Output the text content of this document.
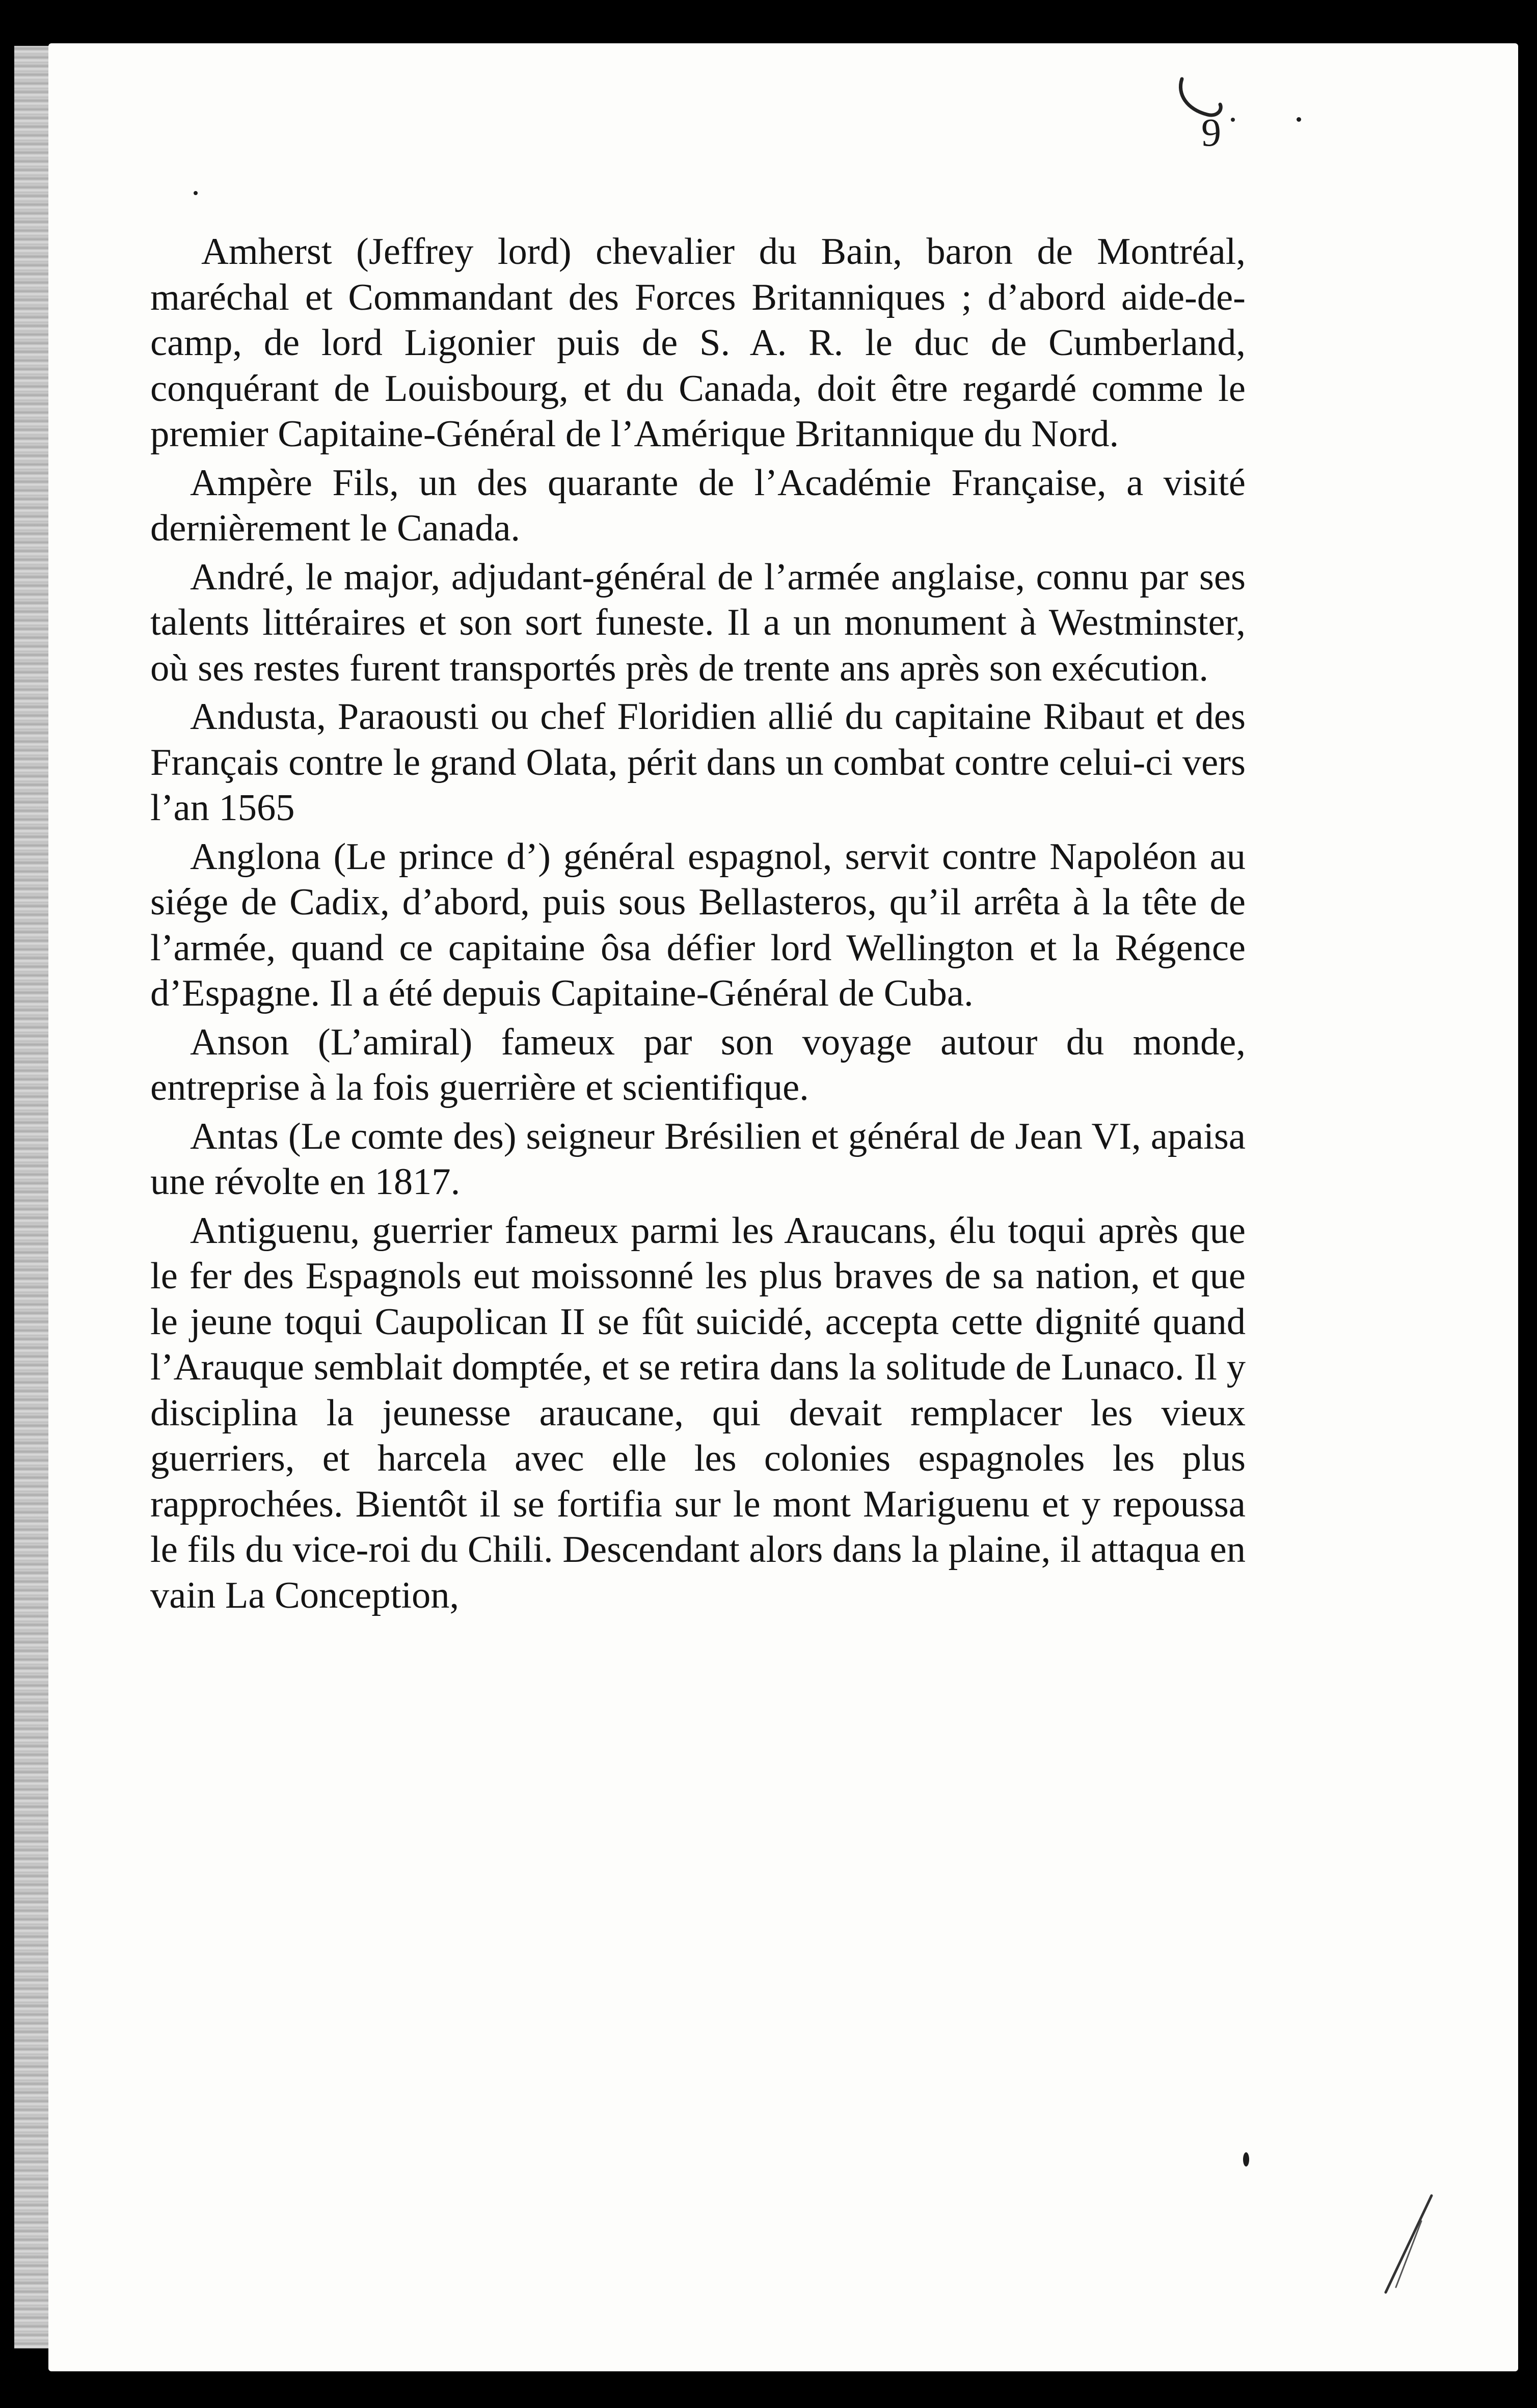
9

Amherst (Jeffrey lord) chevalier du Bain, baron de Montréal, maréchal et Commandant des Forces Britanniques ; d’abord aide-de-camp, de lord Ligonier puis de S. A. R. le duc de Cumberland, conquérant de Louisbourg, et du Canada, doit être regardé comme le premier Capitaine-Général de l’Amérique Britannique du Nord.

Ampère Fils, un des quarante de l’Académie Française, a visité dernièrement le Canada.

André, le major, adjudant-général de l’armée anglaise, connu par ses talents littéraires et son sort funeste. Il a un monument à Westminster, où ses restes furent transportés près de trente ans après son exécution.

Andusta, Paraousti ou chef Floridien allié du capitaine Ribaut et des Français contre le grand Olata, périt dans un combat contre celui-ci vers l’an 1565

Anglona (Le prince d’) général espagnol, servit contre Napoléon au siége de Cadix, d’abord, puis sous Bellasteros, qu’il arrêta à la tête de l’armée, quand ce capitaine ôsa défier lord Wellington et la Régence d’Espagne. Il a été depuis Capitaine-Général de Cuba.

Anson (L’amiral) fameux par son voyage autour du monde, entreprise à la fois guerrière et scientifique.

Antas (Le comte des) seigneur Brésilien et général de Jean VI, apaisa une révolte en 1817.

Antiguenu, guerrier fameux parmi les Araucans, élu toqui après que le fer des Espagnols eut moissonné les plus braves de sa nation, et que le jeune toqui Caupolican II se fût suicidé, accepta cette dignité quand l’Arauque semblait domptée, et se retira dans la solitude de Lunaco. Il y disciplina la jeunesse araucane, qui devait remplacer les vieux guerriers, et harcela avec elle les colonies espagnoles les plus rapprochées. Bientôt il se fortifia sur le mont Mariguenu et y repoussa le fils du vice-roi du Chili. Descendant alors dans la plaine, il attaqua en vain La Conception,
